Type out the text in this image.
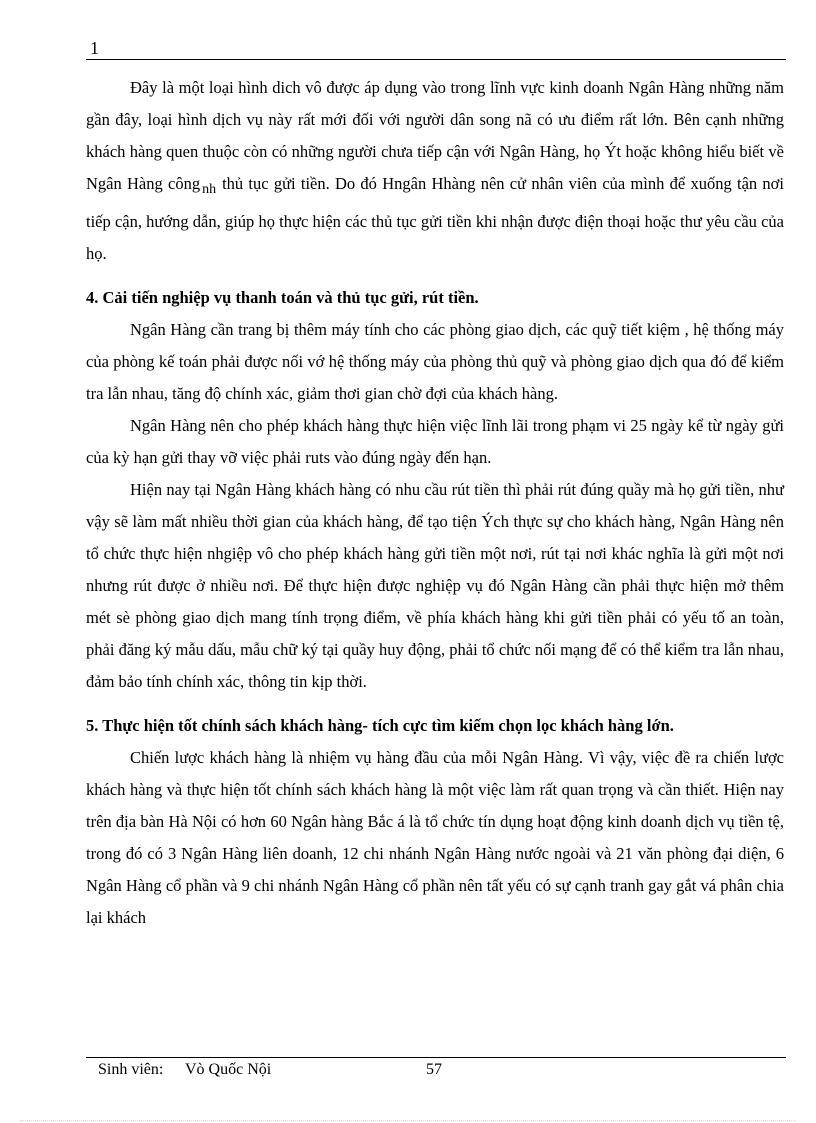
1

Đây là một loại hình dich vô được áp dụng vào trong lĩnh vực kinh doanh Ngân Hàng những năm gần đây, loại hình dịch vụ này rất mới đối với người dân song nã có ưu điểm rất lớn. Bên cạnh những khách hàng quen thuộc còn có những người chưa tiếp cận với Ngân Hàng, họ Ýt hoặc không hiểu biết về Ngân Hàng công $_{nh}$ thủ tục gửi tiền. Do đó Hngân Hhàng nên cử nhân viên của mình để xuống tận nơi tiếp cận, hướng dẫn, giúp họ thực hiện các thủ tục gửi tiền khi nhận được điện thoại hoặc thư yêu cầu của họ.

4. Cải tiến nghiệp vụ thanh toán và thủ tục gửi, rút tiền.

Ngân Hàng cần trang bị thêm máy tính cho các phòng giao dịch, các quỹ tiết kiệm , hệ thống máy của phòng kế toán phải được nối vớ hệ thống máy của phòng thủ quỹ và phòng giao dịch qua đó để kiểm tra lẫn nhau, tăng độ chính xác, giảm thơi gian chờ đợi của khách hàng.

Ngân Hàng nên cho phép khách hàng thực hiện việc lĩnh lãi trong phạm vi 25 ngày kể từ ngày gửi của kỳ hạn gửi thay vỡ việc phải ruts vào đúng ngày đến hạn.

Hiện nay tại Ngân Hàng khách hàng có nhu cầu rút tiền thì phải rút đúng quầy mà họ gửi tiền, như vậy sẽ làm mất nhiều thời gian của khách hàng, để tạo tiện Ých thực sự cho khách hàng, Ngân Hàng nên tổ chức thực hiện nhgiệp vô cho phép khách hàng gửi tiền một nơi, rút tại nơi khác nghĩa là gửi một nơi nhưng rút được ở nhiều nơi. Để thực hiện được nghiệp vụ đó Ngân Hàng cần phải thực hiện mở thêm mét sè phòng giao dịch mang tính trọng điểm, về phía khách hàng khi gửi tiền phải có yếu tố an toàn, phải đăng ký mẫu dấu, mẫu chữ ký tại quầy huy động, phải tổ chức nối mạng để có thể kiểm tra lẫn nhau, đảm bảo tính chính xác, thông tin kịp thời.

5. Thực hiện tốt chính sách khách hàng- tích cực tìm kiếm chọn lọc khách hàng lớn.

Chiến lược khách hàng là nhiệm vụ hàng đầu của mỗi Ngân Hàng. Vì vậy, việc đề ra chiến lược khách hàng và thực hiện tốt chính sách khách hàng là một việc làm rất quan trọng và cần thiết. Hiện nay trên địa bàn Hà Nội có hơn 60 Ngân hàng Bắc á là tổ chức tín dụng hoạt động kinh doanh dịch vụ tiền tệ, trong đó có 3 Ngân Hàng liên doanh, 12 chi nhánh Ngân Hàng nước ngoài và 21 văn phòng đại diện, 6 Ngân Hàng cổ phần và 9 chi nhánh Ngân Hàng cổ phần nên tất yếu có sự cạnh tranh gay gắt vá phân chia lại khách

Sinh viên: Vò Quốc Nội	57
